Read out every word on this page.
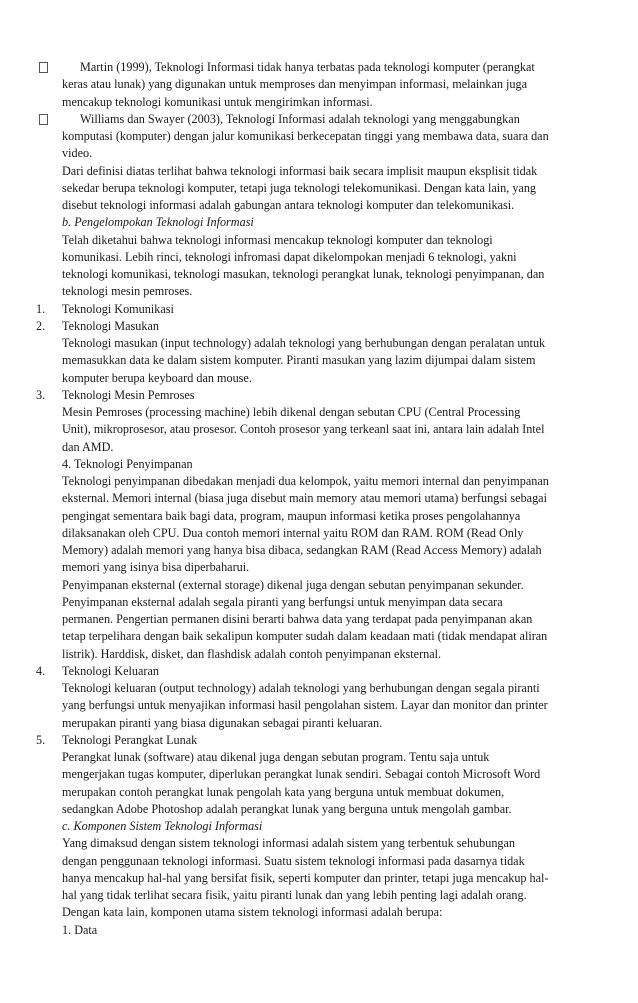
Martin (1999), Teknologi Informasi tidak hanya terbatas pada teknologi komputer (perangkat
keras atau lunak) yang digunakan untuk memproses dan menyimpan informasi, melainkan juga
mencakup teknologi komunikasi untuk mengirimkan informasi.
Williams dan Swayer (2003), Teknologi Informasi adalah teknologi yang menggabungkan
komputasi (komputer) dengan jalur komunikasi berkecepatan tinggi yang membawa data, suara dan
video.
Dari definisi diatas terlihat bahwa teknologi informasi baik secara implisit maupun eksplisit tidak
sekedar berupa teknologi komputer, tetapi juga teknologi telekomunikasi. Dengan kata lain, yang
disebut teknologi informasi adalah gabungan antara teknologi komputer dan telekomunikasi.
b. Pengelompokan Teknologi Informasi
Telah diketahui bahwa teknologi informasi mencakup teknologi komputer dan teknologi
komunikasi. Lebih rinci, teknologi infromasi dapat dikelompokan menjadi 6 teknologi, yakni
teknologi komunikasi, teknologi masukan, teknologi perangkat lunak, teknologi penyimpanan, dan
teknologi mesin pemroses.
1. Teknologi Komunikasi
2. Teknologi Masukan
Teknologi masukan (input technology) adalah teknologi yang berhubungan dengan peralatan untuk
memasukkan data ke dalam sistem komputer. Piranti masukan yang lazim dijumpai dalam sistem
komputer berupa keyboard dan mouse.
3. Teknologi Mesin Pemroses
Mesin Pemroses (processing machine) lebih dikenal dengan sebutan CPU (Central Processing
Unit), mikroprosesor, atau prosesor. Contoh prosesor yang terkeanl saat ini, antara lain adalah Intel
dan AMD.
4. Teknologi Penyimpanan
Teknologi penyimpanan dibedakan menjadi dua kelompok, yaitu memori internal dan penyimpanan
eksternal. Memori internal (biasa juga disebut main memory atau memori utama) berfungsi sebagai
pengingat sementara baik bagi data, program, maupun informasi ketika proses pengolahannya
dilaksanakan oleh CPU. Dua contoh memori internal yaitu ROM dan RAM. ROM (Read Only
Memory) adalah memori yang hanya bisa dibaca, sedangkan RAM (Read Access Memory) adalah
memori yang isinya bisa diperbaharui.
Penyimpanan eksternal (external storage) dikenal juga dengan sebutan penyimpanan sekunder.
Penyimpanan eksternal adalah segala piranti yang berfungsi untuk menyimpan data secara
permanen. Pengertian permanen disini berarti bahwa data yang terdapat pada penyimpanan akan
tetap terpelihara dengan baik sekalipun komputer sudah dalam keadaan mati (tidak mendapat aliran
listrik). Harddisk, disket, dan flashdisk adalah contoh penyimpanan eksternal.
4. Teknologi Keluaran
Teknologi keluaran (output technology) adalah teknologi yang berhubungan dengan segala piranti
yang berfungsi untuk menyajikan informasi hasil pengolahan sistem. Layar dan monitor dan printer
merupakan piranti yang biasa digunakan sebagai piranti keluaran.
5. Teknologi Perangkat Lunak
Perangkat lunak (software) atau dikenal juga dengan sebutan program. Tentu saja untuk
mengerjakan tugas komputer, diperlukan perangkat lunak sendiri. Sebagai contoh Microsoft Word
merupakan contoh perangkat lunak pengolah kata yang berguna untuk membuat dokumen,
sedangkan Adobe Photoshop adalah perangkat lunak yang berguna untuk mengolah gambar.
c. Komponen Sistem Teknologi Informasi
Yang dimaksud dengan sistem teknologi informasi adalah sistem yang terbentuk sehubungan
dengan penggunaan teknologi informasi. Suatu sistem teknologi informasi pada dasarnya tidak
hanya mencakup hal-hal yang bersifat fisik, seperti komputer dan printer, tetapi juga mencakup hal-
hal yang tidak terlihat secara fisik, yaitu piranti lunak dan yang lebih penting lagi adalah orang.
Dengan kata lain, komponen utama sistem teknologi informasi adalah berupa:
1. Data
